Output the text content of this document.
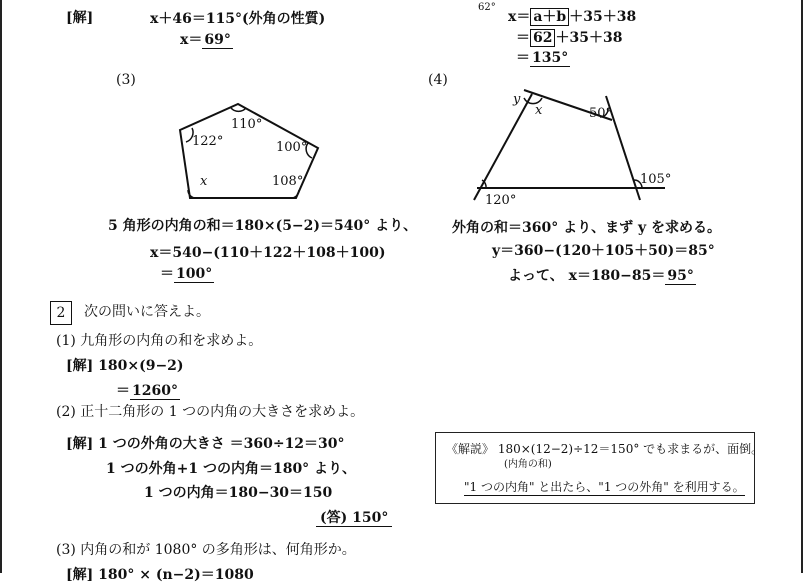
[解]	x＋46＝115°(外角の性質)
x＝ 69°
62°
x＝ a＋b ＋35＋38
＝ 62 ＋35＋38
＝ 135°
(3)
110°
122°	100°
108°
x
5 角形の内角の和＝180×(5−2)＝540° より、
x＝540−(110＋122＋108＋100)
＝ 100°
(4)
y
x	50°
105°
120°
外角の和＝360° より、まず y を求める。
y＝360−(120＋105＋50)＝85°
よって、 x＝180−85＝ 95°
2	次の問いに答えよ。
(1) 九角形の内角の和を求めよ。
[解] 180×(9−2)
＝ 1260°
(2) 正十二角形の 1 つの内角の大きさを求めよ。
[解] 1 つの外角の大きさ ＝360÷12＝30°
1 つの外角+1 つの内角＝180° より、
1 つの内角＝180−30＝150
(答) 150°
《解説》 180×(12−2)÷12＝150° でも求まるが、面倒。
(内角の和)
"1 つの内角" と出たら、"1 つの外角" を利用する。
(3) 内角の和が 1080° の多角形は、何角形か。
[解] 180° × (n−2)＝1080
